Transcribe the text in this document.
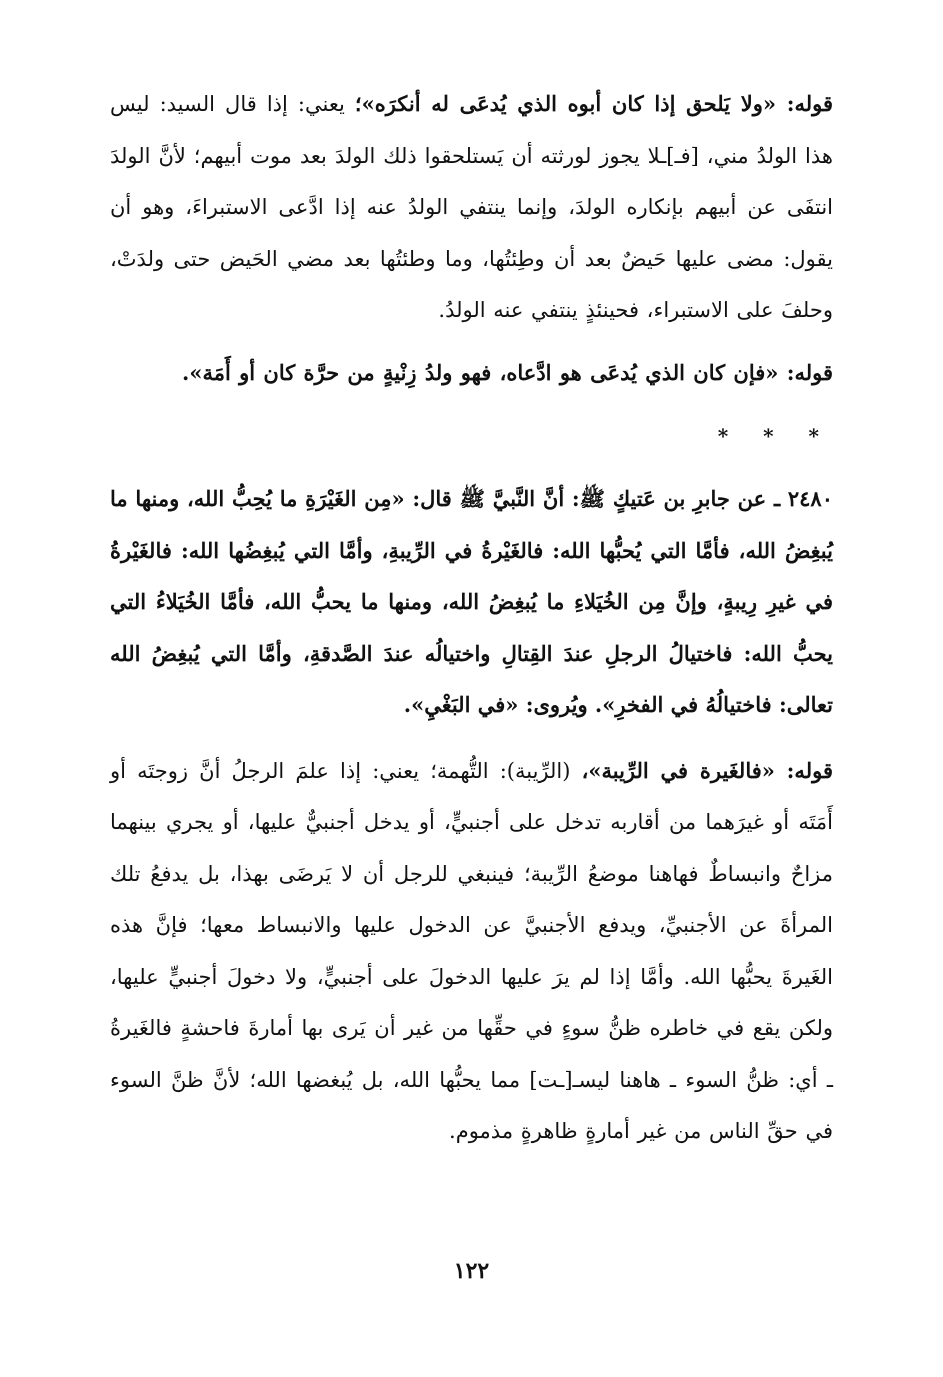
قوله: «ولا يَلحق إذا كان أبوه الذي يُدعَى له أنكرَه»؛ يعني: إذا قال السيد: ليس هذا الولدُ مني، [فـ]ـلا يجوز لورثته أن يَستلحقوا ذلك الولدَ بعد موت أبيهم؛ لأنَّ الولدَ انتفَى عن أبيهم بإنكاره الولدَ، وإنما ينتفي الولدُ عنه إذا ادَّعى الاستبراءَ، وهو أن يقول: مضى عليها حَيضٌ بعد أن وطِئتُها، وما وطئتُها بعد مضي الحَيض حتى ولدَتْ، وحلفَ على الاستبراء، فحينئذٍ ينتفي عنه الولدُ.

قوله: «فإن كان الذي يُدعَى هو ادَّعاه، فهو ولدُ زِنْيةٍ من حرَّة كان أو أَمَة».

* * *

٢٤٨٠ ـ عن جابرِ بن عَتيكٍ ﷺ: أنَّ النَّبيَّ ﷺ قال: «مِن الغَيْرَةِ ما يُحِبُّ الله، ومنها ما يُبغِضُ الله، فأمَّا التي يُحبُّها الله: فالغَيْرةُ في الرِّيبةِ، وأمَّا التي يُبغِضُها الله: فالغَيْرةُ في غيرِ رِيبةٍ، وإنَّ مِن الخُيَلاءِ ما يُبغِضُ الله، ومنها ما يحبُّ الله، فأمَّا الخُيَلاءُ التي يحبُّ الله: فاختيالُ الرجلِ عندَ القِتالِ واختيالُه عندَ الصَّدقةِ، وأمَّا التي يُبغِضُ الله تعالى: فاختيالُهُ في الفخرِ». ويُروى: «في البَغْيِ».

قوله: «فالغَيرة في الرِّيبة»، (الرِّيبة): التُّهمة؛ يعني: إذا علمَ الرجلُ أنَّ زوجتَه أو أَمَتَه أو غيرَهما من أقاربه تدخل على أجنبيٍّ، أو يدخل أجنبيٌّ عليها، أو يجري بينهما مزاحٌ وانبساطٌ فهاهنا موضعُ الرِّيبة؛ فينبغي للرجل أن لا يَرضَى بهذا، بل يدفعُ تلك المرأةَ عن الأجنبيِّ، ويدفع الأجنبيَّ عن الدخول عليها والانبساط معها؛ فإنَّ هذه الغَيرةَ يحبُّها الله. وأمَّا إذا لم يرَ عليها الدخولَ على أجنبيٍّ، ولا دخولَ أجنبيٍّ عليها، ولكن يقع في خاطره ظنُّ سوءٍ في حقِّها من غير أن يَرى بها أمارةَ فاحشةٍ فالغَيرةُ ـ أي: ظنُّ السوء ـ هاهنا ليسـ[ـت] مما يحبُّها الله، بل يُبغضها الله؛ لأنَّ ظنَّ السوء في حقِّ الناس من غير أمارةٍ ظاهرةٍ مذموم.

١٢٢
